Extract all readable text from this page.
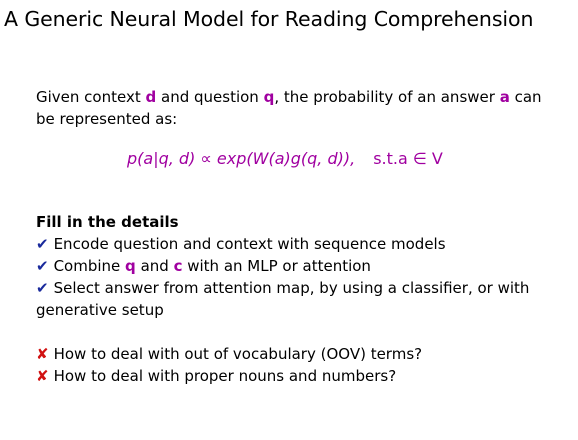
A Generic Neural Model for Reading Comprehension
Given context d and question q, the probability of an answer a can be represented as:
p(a|q, d) ∝ exp(W(a)g(q, d)), s.t.a ∈ V
Fill in the details
✔ Encode question and context with sequence models
✔ Combine q and c with an MLP or attention
✔ Select answer from attention map, by using a classifier, or with generative setup
✘ How to deal with out of vocabulary (OOV) terms?
✘ How to deal with proper nouns and numbers?
